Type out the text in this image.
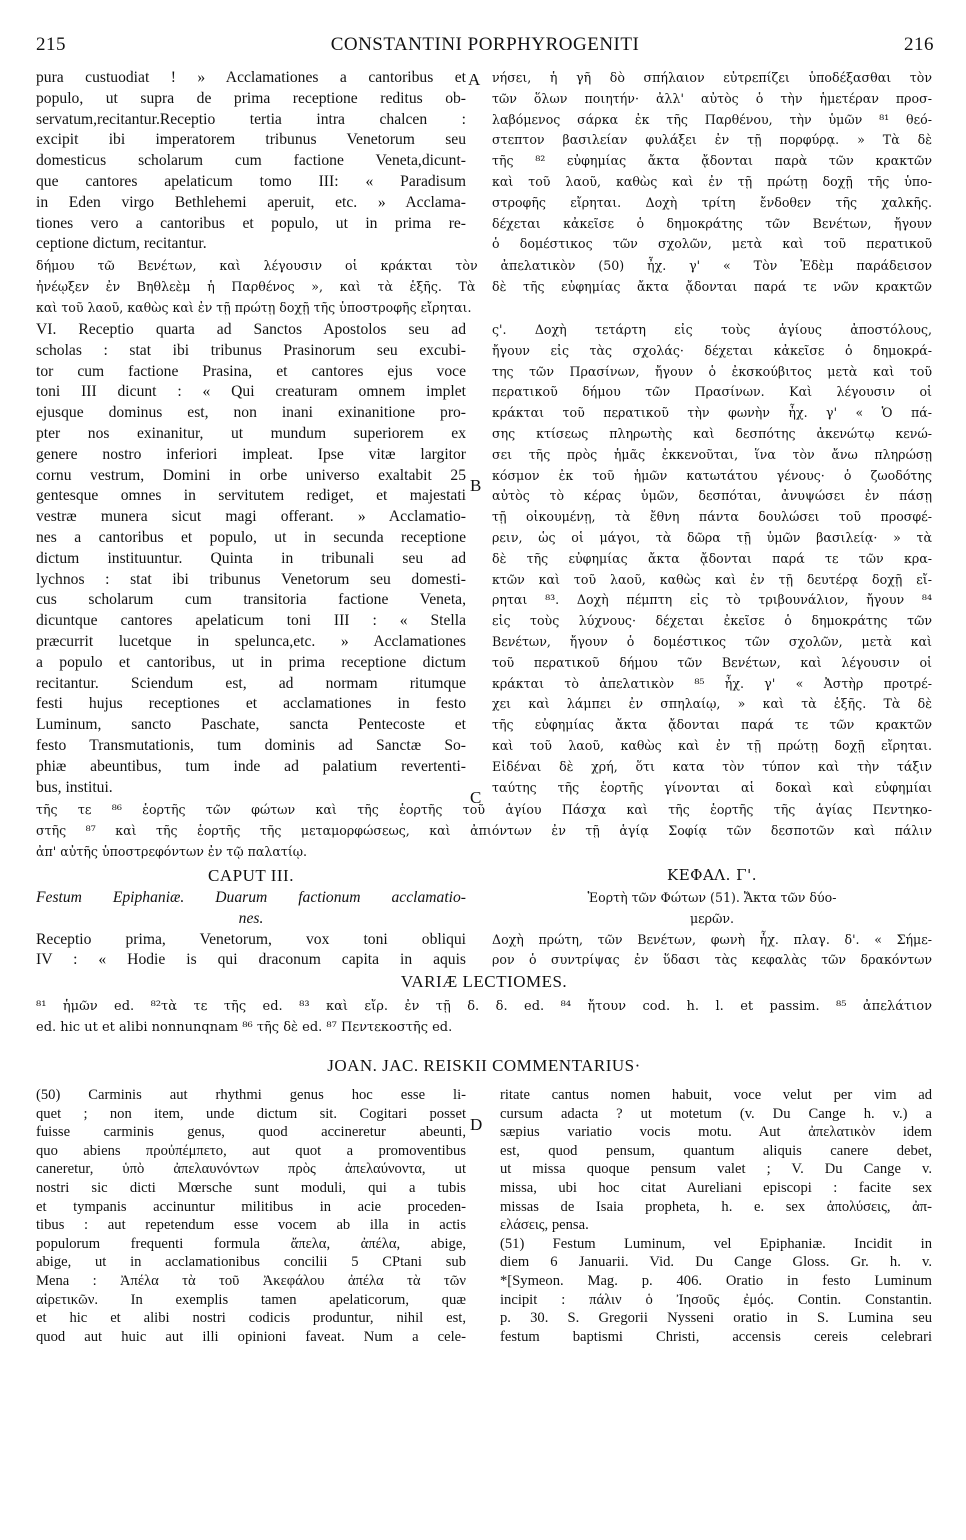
215	CONSTANTINI PORPHYROGENITI	216
A
B
C
D
pura custuodiat ! » Acclamationes a cantoribus et
populo, ut supra de prima receptione reditus ob-
servatum,recitantur.Receptio tertia intra chalcen :
excipit ibi imperatorem tribunus Venetorum seu
domesticus scholarum cum factione Veneta,dicunt-
que cantores apelaticum tomo III: « Paradisum
in Eden virgo Bethlehemi aperuit, etc. » Acclama-
tiones vero a cantoribus et populo, ut in prima re-
ceptione dictum, recitantur.
νήσει, ἡ γῆ δὸ σπήλαιον εὐτρεπίζει ὑποδέξασθαι τὸν
τῶν ὅλων ποιητήν· ἀλλ' αὐτὸς ὁ τὴν ἡμετέραν προσ-
λαβόμενος σάρκα ἐκ τῆς Παρθένου, τὴν ὑμῶν ⁸¹ θεό-
στεπτον βασιλείαν φυλάξει ἐν τῇ πορφύρᾳ. » Τὰ δὲ
τῆς ⁸² εὐφημίας ἄκτα ᾄδονται παρὰ τῶν κρακτῶν
καὶ τοῦ λαοῦ, καθὼς καὶ ἐν τῇ πρώτῃ δοχῇ τῆς ὑπο-
στροφῆς εἴρηται. Δοχὴ τρίτη ἔνδοθεν τῆς χαλκῆς.
δέχεται κἀκεῖσε ὁ δημοκράτης τῶν Βενέτων, ἤγουν
ὁ δομέστικος τῶν σχολῶν, μετὰ καὶ τοῦ περατικοῦ
δήμου τῶ Βενέτων, καὶ λέγουσιν οἱ κράκται τὸν ἀπελατικὸν (50) ἦχ. γ' « Τὸν Ἐδὲμ παράδεισον
ἠνέῳξεν ἐν Βηθλεὲμ ἡ Παρθένος », καὶ τὰ ἑξῆς. Τὰ δὲ τῆς εὐφημίας ἄκτα ᾄδονται παρά τε νῶν κρακτῶν
καὶ τοῦ λαοῦ, καθὼς καὶ ἐν τῇ πρώτῃ δοχῇ τῆς ὑποστροφῆς εἴρηται.
VI. Receptio quarta ad Sanctos Apostolos seu ad
scholas : stat ibi tribunus Prasinorum seu excubi-
tor cum factione Prasina, et cantores ejus voce
toni III dicunt : « Qui creaturam omnem implet
ejusque dominus est, non inani exinanitione pro-
pter nos exinanitur, ut mundum superiorem ex
genere nostro inferiori impleat. Ipse vitæ largitor
cornu vestrum, Domini in orbe universo exaltabit 25
gentesque omnes in servitutem rediget, et majestati
vestræ munera sicut magi offerant. » Acclamatio-
nes a cantoribus et populo, ut in secunda receptione
dictum instituuntur. Quinta in tribunali seu ad
lychnos : stat ibi tribunus Venetorum seu domesti-
cus scholarum cum transitoria factione Veneta,
dicuntque cantores apelaticum toni III : « Stella
præcurrit lucetque in spelunca,etc. » Acclamationes
a populo et cantoribus, ut in prima receptione dictum
recitantur. Sciendum est, ad normam ritumque
festi hujus receptiones et acclamationes in festo
Luminum, sancto Paschate, sancta Pentecoste et
festo Transmutationis, tum dominis ad Sanctæ So-
phiæ abeuntibus, tum inde ad palatium revertenti-
bus, institui.
ς'. Δοχὴ τετάρτη εἰς τοὺς ἁγίους ἀποστόλους,
ἤγουν εἰς τὰς σχολάς· δέχεται κἀκεῖσε ὁ δημοκρά-
της τῶν Πρασίνων, ἤγουν ὁ ἐκσκούβιτος μετὰ καὶ τοῦ
περατικοῦ δήμου τῶν Πρασίνων. Καὶ λέγουσιν οἱ
κράκται τοῦ περατικοῦ τὴν φωνὴν ἦχ. γ' « Ὁ πά-
σης κτίσεως πληρωτὴς καὶ δεσπότης ἀκενώτῳ κενώ-
σει τῆς πρὸς ἡμᾶς ἐκκενοῦται, ἵνα τὸν ἄνω πληρώσῃ
κόσμον ἐκ τοῦ ἡμῶν κατωτάτου γένους· ὁ ζωοδότης
αὐτὸς τὸ κέρας ὑμῶν, δεσπόται, ἀνυψώσει ἐν πάσῃ
τῇ οἰκουμένῃ, τὰ ἔθνη πάντα δουλώσει τοῦ προσφέ-
ρειν, ὡς οἱ μάγοι, τὰ δῶρα τῇ ὑμῶν βασιλείᾳ· » τὰ
δὲ τῆς εὐφημίας ἄκτα ᾄδονται παρά τε τῶν κρα-
κτῶν καὶ τοῦ λαοῦ, καθὼς καὶ ἐν τῇ δευτέρᾳ δοχῇ εἴ-
ρηται ⁸³. Δοχὴ πέμπτη εἰς τὸ τριβουνάλιον, ἤγουν ⁸⁴
εἰς τοὺς λύχνους· δέχεται ἐκεῖσε ὁ δημοκράτης τῶν
Βενέτων, ἤγουν ὁ δομέστικος τῶν σχολῶν, μετὰ καὶ
τοῦ περατικοῦ δήμου τῶν Βενέτων, καὶ λέγουσιν οἱ
κράκται τὸ ἀπελατικὸν ⁸⁵ ἦχ. γ' « Ἀστὴρ προτρέ-
χει καὶ λάμπει ἐν σπηλαίῳ, » καὶ τὰ ἑξῆς. Τὰ δὲ
τῆς εὐφημίας ἄκτα ᾄδονται παρά τε τῶν κρακτῶν
καὶ τοῦ λαοῦ, καθὼς καὶ ἐν τῇ πρώτῃ δοχῇ εἴρηται.
Εἰδέναι δὲ χρή, ὅτι κατα τὸν τύπον καὶ τὴν τάξιν
ταύτης τῆς ἑορτῆς γίνονται αἱ δοκαὶ καὶ εὐφημίαι
τῆς τε ⁸⁶ ἑορτῆς τῶν φώτων καὶ τῆς ἑορτῆς τοῦ ἁγίου Πάσχα καὶ τῆς ἑορτῆς τῆς ἁγίας Πεντηκο-
στῆς ⁸⁷ καὶ τῆς ἑορτῆς τῆς μεταμορφώσεως, καὶ ἀπιόντων ἐν τῇ ἁγίᾳ Σοφίᾳ τῶν δεσποτῶν καὶ πάλιν
ἀπ' αὐτῆς ὑποστρεφόντων ἐν τῷ παλατίῳ.
CAPUT III.
Festum Epiphaniæ. Duarum factionum acclamatio-
nes.
Receptio prima, Venetorum, vox toni obliqui
IV : « Hodie is qui draconum capita in aquis
ΚΕΦΑΛ. Γ'.
Ἑορτὴ τῶν Φώτων (51). Ἄκτα τῶν δύο-
μερῶν.
Δοχὴ πρώτη, τῶν Βενέτων, φωνὴ ἦχ. πλαγ. δ'. « Σήμε-
ρον ὁ συντρίψας ἐν ὕδασι τὰς κεφαλὰς τῶν δρακόντων
VARIÆ LECTIOMES.
⁸¹ ἡμῶν ed. ⁸²τὰ τε τῆς ed. ⁸³ καὶ εἴρ. ἐν τῇ δ. δ. ed. ⁸⁴ ἤτουν cod. h. l. et passim. ⁸⁵ ἀπελάτιον
ed. hic ut et alibi nonnunqnam ⁸⁶ τῆς δὲ ed. ⁸⁷ Πεντεκοστῆς ed.
JOAN. JAC. REISKII COMMENTARIUS·
(50) Carminis aut rhythmi genus hoc esse li-
quet ; non item, unde dictum sit. Cogitari posset
fuisse carminis genus, quod accineretur abeunti,
quo abiens προὐπέμπετο, aut quot a promoventibus
caneretur, ὑπὸ ἀπελαυνόντων πρὸς ἀπελαύνοντα, ut
nostri sic dicti Mœrsche sunt moduli, qui a tubis
et tympanis accinuntur militibus in acie proceden-
tibus : aut repetendum esse vocem ab illa in actis
populorum frequenti formula ἄπελα, ἀπέλα, abige,
abige, ut in acclamationibus concilii 5 CPtani sub
Mena : Ἀπέλα τὰ τοῦ Ἀκεφάλου ἀπέλα τὰ τῶν
αἱρετικῶν. In exemplis tamen apelaticorum, quæ
et hic et alibi nostri codicis produntur, nihil est,
quod aut huic aut illi opinioni faveat. Num a cele-
ritate cantus nomen habuit, voce velut per vim ad
cursum adacta ? ut motetum (v. Du Cange h. v.) a
sæpius variatio vocis motu. Aut ἀπελατικὸν idem
est, quod pensum, quantum aliquis canere debet,
ut missa quoque pensum valet ; V. Du Cange v.
missa, ubi hoc citat Aureliani episcopi : facite sex
missas de Isaia propheta, h. e. sex ἀπολύσεις, ἀπ-
ελάσεις, pensa.
(51) Festum Luminum, vel Epiphaniæ. Incidit in
diem 6 Januarii. Vid. Du Cange Gloss. Gr. h. v.
*[Symeon. Mag. p. 406. Oratio in festo Luminum
incipit : πάλιν ὁ Ἰησοῦς ἐμός. Contin. Constantin.
p. 30. S. Gregorii Nysseni oratio in S. Lumina seu
festum baptismi Christi, accensis cereis celebrari
